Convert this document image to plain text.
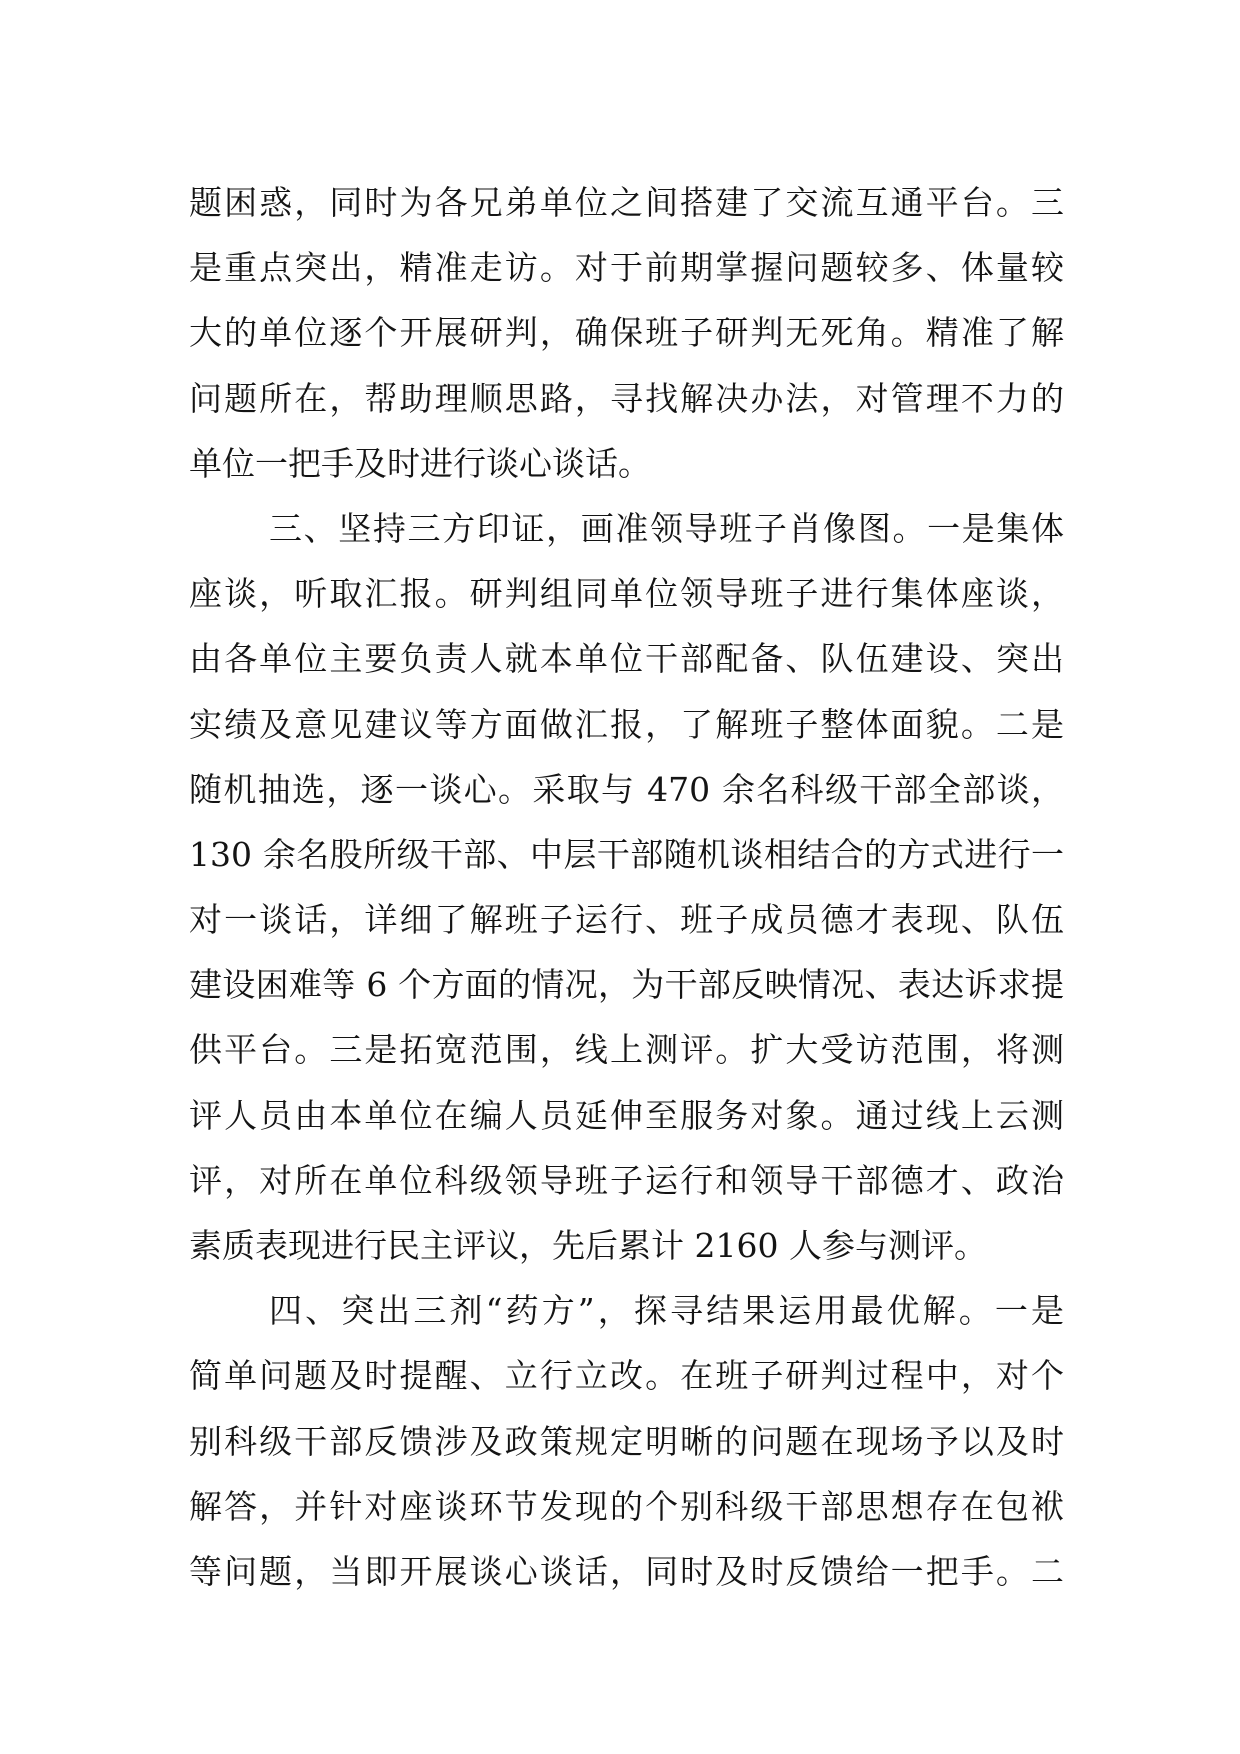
题困惑，同时为各兄弟单位之间搭建了交流互通平台。三
是重点突出，精准走访。对于前期掌握问题较多、体量较
大的单位逐个开展研判，确保班子研判无死角。精准了解
问题所在，帮助理顺思路，寻找解决办法，对管理不力的
单位一把手及时进行谈心谈话。
三、坚持三方印证，画准领导班子肖像图。一是集体
座谈，听取汇报。研判组同单位领导班子进行集体座谈，
由各单位主要负责人就本单位干部配备、队伍建设、突出
实绩及意见建议等方面做汇报，了解班子整体面貌。二是
随机抽选，逐一谈心。采取与 470 余名科级干部全部谈，
130 余名股所级干部、中层干部随机谈相结合的方式进行一
对一谈话，详细了解班子运行、班子成员德才表现、队伍
建设困难等 6 个方面的情况，为干部反映情况、表达诉求提
供平台。三是拓宽范围，线上测评。扩大受访范围，将测
评人员由本单位在编人员延伸至服务对象。通过线上云测
评，对所在单位科级领导班子运行和领导干部德才、政治
素质表现进行民主评议，先后累计 2160 人参与测评。
四、突出三剂“药方”，探寻结果运用最优解。一是
简单问题及时提醒、立行立改。在班子研判过程中，对个
别科级干部反馈涉及政策规定明晰的问题在现场予以及时
解答，并针对座谈环节发现的个别科级干部思想存在包袱
等问题，当即开展谈心谈话，同时及时反馈给一把手。二
